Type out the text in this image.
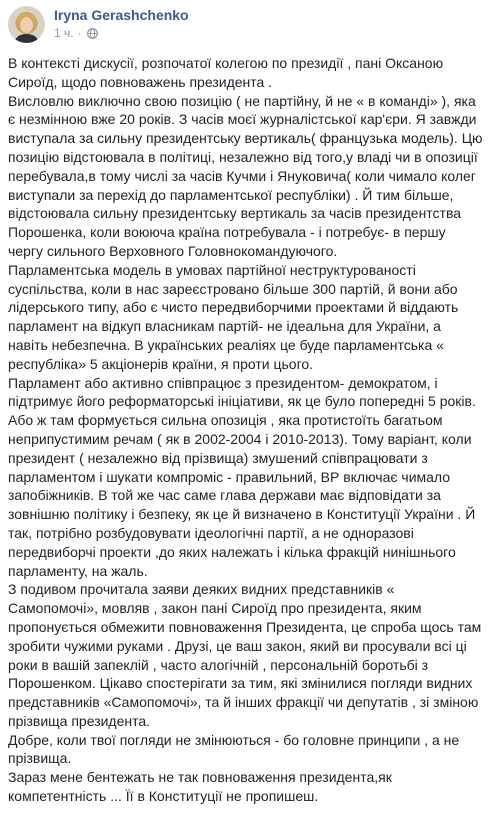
Iryna Gerashchenko
1 ч. ·
В контексті дискусії, розпочатої колегою по президії , пані Оксаною
Сироїд, щодо повноважень президента .
Висловлю виключно свою позицію ( не партійну, й не « в команді» ), яка
є незмінною вже 20 років. З часів моєї журналістської кар'єри. Я завжди
виступала за сильну президентську вертикаль( французька модель). Цю
позицію відстоювала в політиці, незалежно від того,у владі чи в опозиції
перебувала,в тому числі за часів Кучми і Януковича( коли чимало колег
виступали за перехід до парламентської республіки) . Й тим більше,
відстоювала сильну президентську вертикаль за часів президентства
Порошенка, коли воююча країна потребувала - і потребує- в першу
чергу сильного Верховного Головнокомандуючого.
Парламентська модель в умовах партійної неструктурованості
суспільства, коли в нас зареєстровано більше 300 партій, й вони або
лідерського типу, або є чисто передвиборчими проектами й віддають
парламент на відкуп власникам партій- не ідеальна для України, а
навіть небезпечна. В українських реаліях це буде парламентська «
республіка» 5 акціонерів країни, я проти цього.
Парламент або активно співпрацює з президентом- демократом, і
підтримує його реформаторські ініціативи, як це було попередні 5 років.
Або ж там формується сильна опозиція , яка протистоїть багатьом
неприпустимим речам ( як в 2002-2004 і 2010-2013). Тому варіант, коли
президент ( незалежно від прізвища) змушений співпрацювати з
парламентом і шукати компроміс - правильний, ВР включає чимало
запобіжників. В той же час саме глава держави має відповідати за
зовнішню політику і безпеку, як це й визначено в Конституції України . Й
так, потрібно розбудовувати ідеологічні партії, а не одноразові
передвиборчі проекти ,до яких належать і кілька фракцій нинішнього
парламенту, на жаль.
З подивом прочитала заяви деяких видних представників «
Самопомочі», мовляв , закон пані Сироїд про президента, яким
пропонується обмежити повноваження Президента, це спроба щось там
зробити чужими руками . Друзі, це ваш закон, який ви просували всі ці
роки в вашій запеклій , часто алогічній , персональній боротьбі з
Порошенком. Цікаво спостерігати за тим, які змінилися погляди видних
представників «Самопомочі», та й інших фракції чи депутатів , зі зміною
прізвища президента.
Добре, коли твої погляди не змінюються - бо головне принципи , а не
прізвища.
Зараз мене бентежать не так повноваження президента,як
компетентність ... Її в Конституції не пропишеш.
